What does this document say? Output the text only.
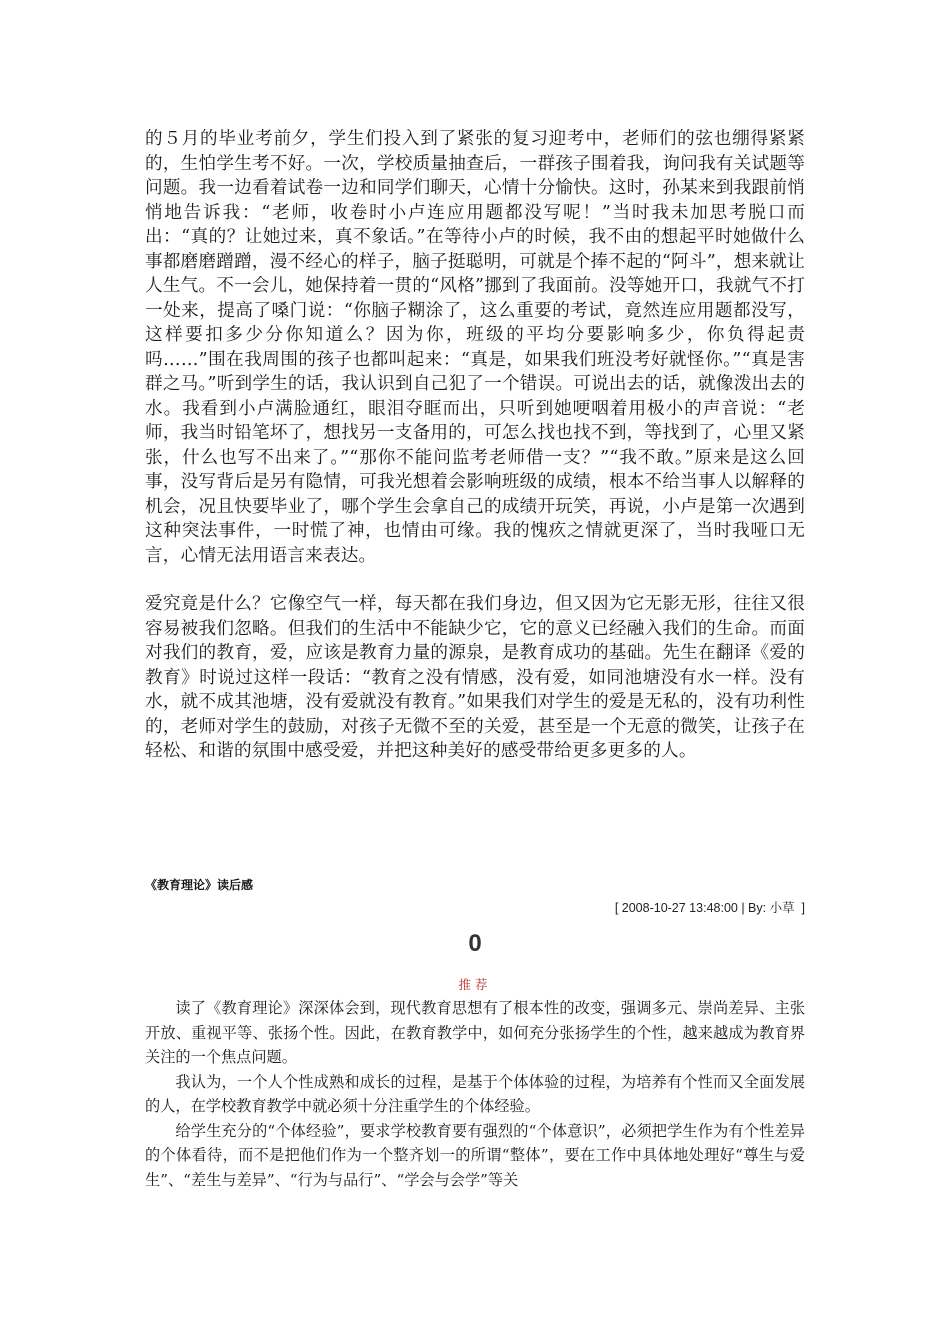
的５月的毕业考前夕，学生们投入到了紧张的复习迎考中，老师们的弦也绷得紧紧的，生怕学生考不好。一次，学校质量抽查后，一群孩子围着我，询问我有关试题等问题。我一边看着试卷一边和同学们聊天，心情十分愉快。这时，孙某来到我跟前悄悄地告诉我：“老师，收卷时小卢连应用题都没写呢！”当时我未加思考脱口而出：“真的？让她过来，真不象话。”在等待小卢的时候，我不由的想起平时她做什么事都磨磨蹭蹭，漫不经心的样子，脑子挺聪明，可就是个捧不起的“阿斗”，想来就让人生气。不一会儿，她保持着一贯的“风格”挪到了我面前。没等她开口，我就气不打一处来，提高了嗓门说：“你脑子糊涂了，这么重要的考试，竟然连应用题都没写，这样要扣多少分你知道么？因为你，班级的平均分要影响多少，你负得起责吗……”围在我周围的孩子也都叫起来：“真是，如果我们班没考好就怪你。”“真是害群之马。”听到学生的话，我认识到自己犯了一个错误。可说出去的话，就像泼出去的水。我看到小卢满脸通红，眼泪夺眶而出，只听到她哽咽着用极小的声音说：“老师，我当时铅笔坏了，想找另一支备用的，可怎么找也找不到，等找到了，心里又紧张，什么也写不出来了。”“那你不能问监考老师借一支？”“我不敢。”原来是这么回事，没写背后是另有隐情，可我光想着会影响班级的成绩，根本不给当事人以解释的机会，况且快要毕业了，哪个学生会拿自己的成绩开玩笑，再说，小卢是第一次遇到这种突法事件，一时慌了神，也情由可缘。我的愧疚之情就更深了，当时我哑口无言，心情无法用语言来表达。

爱究竟是什么？它像空气一样，每天都在我们身边，但又因为它无影无形，往往又很容易被我们忽略。但我们的生活中不能缺少它，它的意义已经融入我们的生命。而面对我们的教育，爱，应该是教育力量的源泉，是教育成功的基础。先生在翻译《爱的教育》时说过这样一段话：“教育之没有情感，没有爱，如同池塘没有水一样。没有水，就不成其池塘，没有爱就没有教育。”如果我们对学生的爱是无私的，没有功利性的，老师对学生的鼓励，对孩子无微不至的关爱，甚至是一个无意的微笑，让孩子在轻松、和谐的氛围中感受爱，并把这种美好的感受带给更多更多的人。

《教育理论》读后感
[ 2008-10-27 13:48:00 | By: 小草  ]
0
推荐

读了《教育理论》深深体会到，现代教育思想有了根本性的改变，强调多元、崇尚差异、主张开放、重视平等、张扬个性。因此，在教育教学中，如何充分张扬学生的个性，越来越成为教育界关注的一个焦点问题。

我认为，一个人个性成熟和成长的过程，是基于个体体验的过程，为培养有个性而又全面发展的人，在学校教育教学中就必须十分注重学生的个体经验。

给学生充分的“个体经验”，要求学校教育要有强烈的“个体意识”，必须把学生作为有个性差异的个体看待，而不是把他们作为一个整齐划一的所谓“整体”，要在工作中具体地处理好“尊生与爱生”、“差生与差异”、“行为与品行”、“学会与会学”等关
